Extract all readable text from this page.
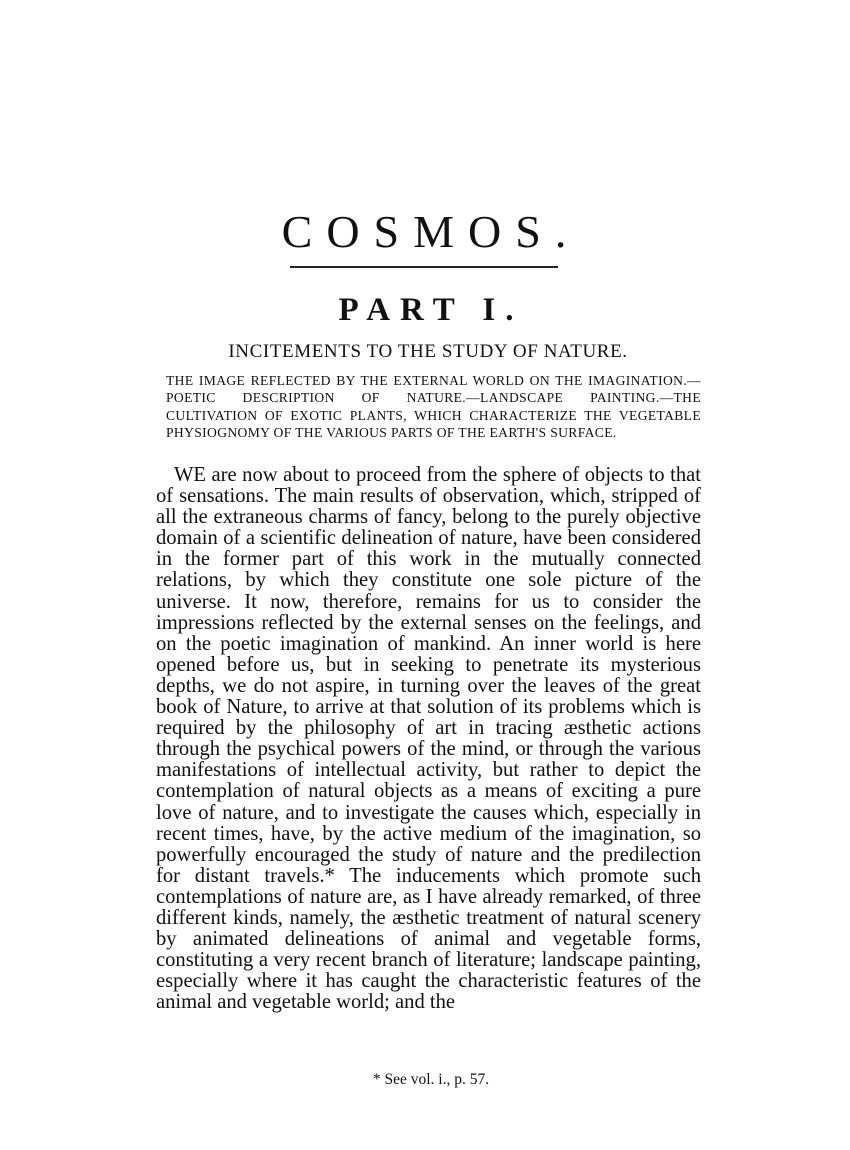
COSMOS.
PART I.
INCITEMENTS TO THE STUDY OF NATURE.
THE IMAGE REFLECTED BY THE EXTERNAL WORLD ON THE IMAGINATION.—POETIC DESCRIPTION OF NATURE.—LANDSCAPE PAINTING.—THE CULTIVATION OF EXOTIC PLANTS, WHICH CHARACTERIZE THE VEGETABLE PHYSIOGNOMY OF THE VARIOUS PARTS OF THE EARTH'S SURFACE.
WE are now about to proceed from the sphere of objects to that of sensations. The main results of observation, which, stripped of all the extraneous charms of fancy, belong to the purely objective domain of a scientific delineation of nature, have been considered in the former part of this work in the mutually connected relations, by which they constitute one sole picture of the universe. It now, therefore, remains for us to consider the impressions reflected by the external senses on the feelings, and on the poetic imagination of mankind. An inner world is here opened before us, but in seeking to penetrate its mysterious depths, we do not aspire, in turning over the leaves of the great book of Nature, to arrive at that solution of its problems which is required by the philosophy of art in tracing æsthetic actions through the psychical powers of the mind, or through the various manifestations of intellectual activity, but rather to depict the contemplation of natural objects as a means of exciting a pure love of nature, and to investigate the causes which, especially in recent times, have, by the active medium of the imagination, so powerfully encouraged the study of nature and the predilection for distant travels.* The inducements which promote such contemplations of nature are, as I have already remarked, of three different kinds, namely, the æsthetic treatment of natural scenery by animated delineations of animal and vegetable forms, constituting a very recent branch of literature; landscape painting, especially where it has caught the characteristic features of the animal and vegetable world; and the
* See vol. i., p. 57.
